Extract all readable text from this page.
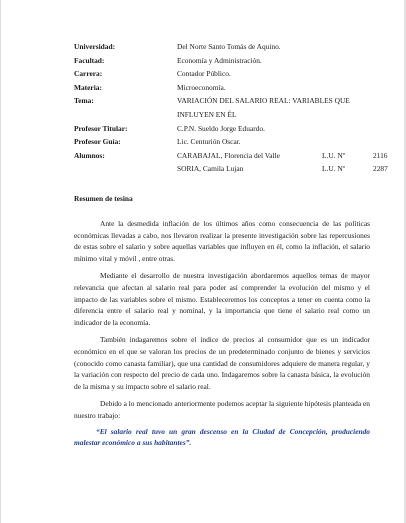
Universidad:	Del Norte Santo Tomás de Aquino.
Facultad:	Economía y Administración.
Carrera:	Contador Público.
Materia:	Microeconomía.
Tema:	VARIACIÓN DEL SALARIO REAL: VARIABLES QUE INFLUYEN EN ÉL
Profesor Titular:	C.P.N. Sueldo Jorge Eduardo.
Profesor Guía:	Lic. Centurión Oscar.
Alumnos:	CARABAJAL, Florencia del Valle	L.U. Nº	2116
SORIA, Camila Lujan	L.U. Nº	2287
Resumen de tesina

Ante la desmedida inflación de los últimos años como consecuencia de las políticas económicas llevadas a cabo, nos llevaron realizar la presente investigación sobre las repercusiones de estas sobre el salario y sobre aquellas variables que influyen en él, como la inflación, el salario mínimo vital y móvil , entre otras.

Mediante el desarrollo de nuestra investigación abordaremos aquellos temas de mayor relevancia que afectan al salario real para poder así comprender la evolución del mismo y el impacto de las variables sobre el mismo. Estableceremos los conceptos a tener en cuenta como la diferencia entre el salario real y nominal, y la importancia que tiene el salario real como un indicador de la economía.

También indagaremos sobre el índice de precios al consumidor que es un indicador económico en el que se valoran los precios de un predeterminado conjunto de bienes y servicios (conocido como canasta familiar), que una cantidad de consumidores adquiere de manera regular, y la variación con respecto del precio de cada uno. Indagaremos sobre la canasta básica, la evolución de la misma y su impacto sobre el salario real.

Debido a lo mencionado anteriormente podemos aceptar la siguiente hipótesis planteada en nuestro trabajo:

“El salario real tuvo un gran descenso en la Ciudad de Concepción, produciendo malestar económico a sus habitantes”.
